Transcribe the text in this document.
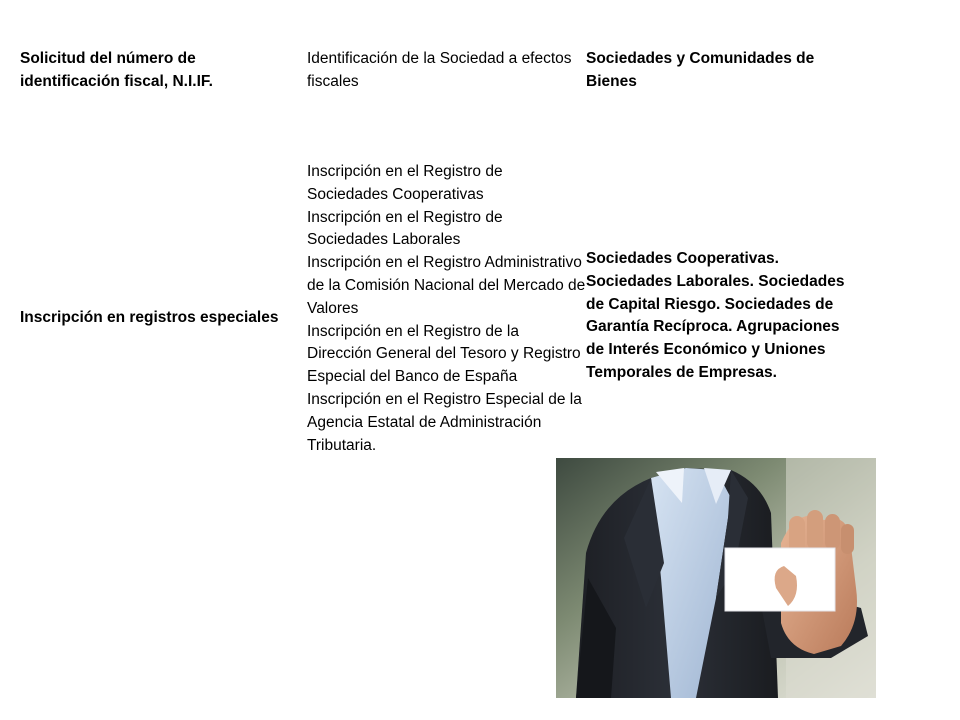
Solicitud del número de identificación fiscal, N.I.IF.
Identificación de la Sociedad a efectos fiscales
Sociedades y Comunidades de Bienes
Inscripción en registros especiales
Inscripción en el Registro de Sociedades Cooperativas
Inscripción en el Registro de Sociedades Laborales
Inscripción en el Registro Administrativo de la Comisión Nacional del Mercado de Valores
Inscripción en el Registro de la Dirección General del Tesoro y Registro Especial del Banco de España
Inscripción en el Registro Especial de la Agencia Estatal de Administración Tributaria.
Sociedades Cooperativas. Sociedades Laborales. Sociedades de Capital Riesgo. Sociedades de Garantía Recíproca. Agrupaciones de Interés Económico y Uniones Temporales de Empresas.
